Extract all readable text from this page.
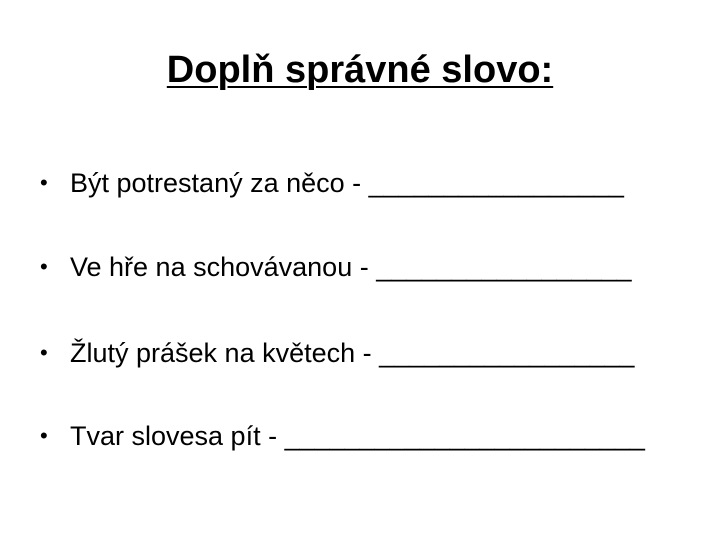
Doplň správné slovo:
• Být potrestaný za něco - _________________
• Ve hře na schovávanou - _________________
• Žlutý prášek na květech - _________________
• Tvar slovesa pít - ________________________
